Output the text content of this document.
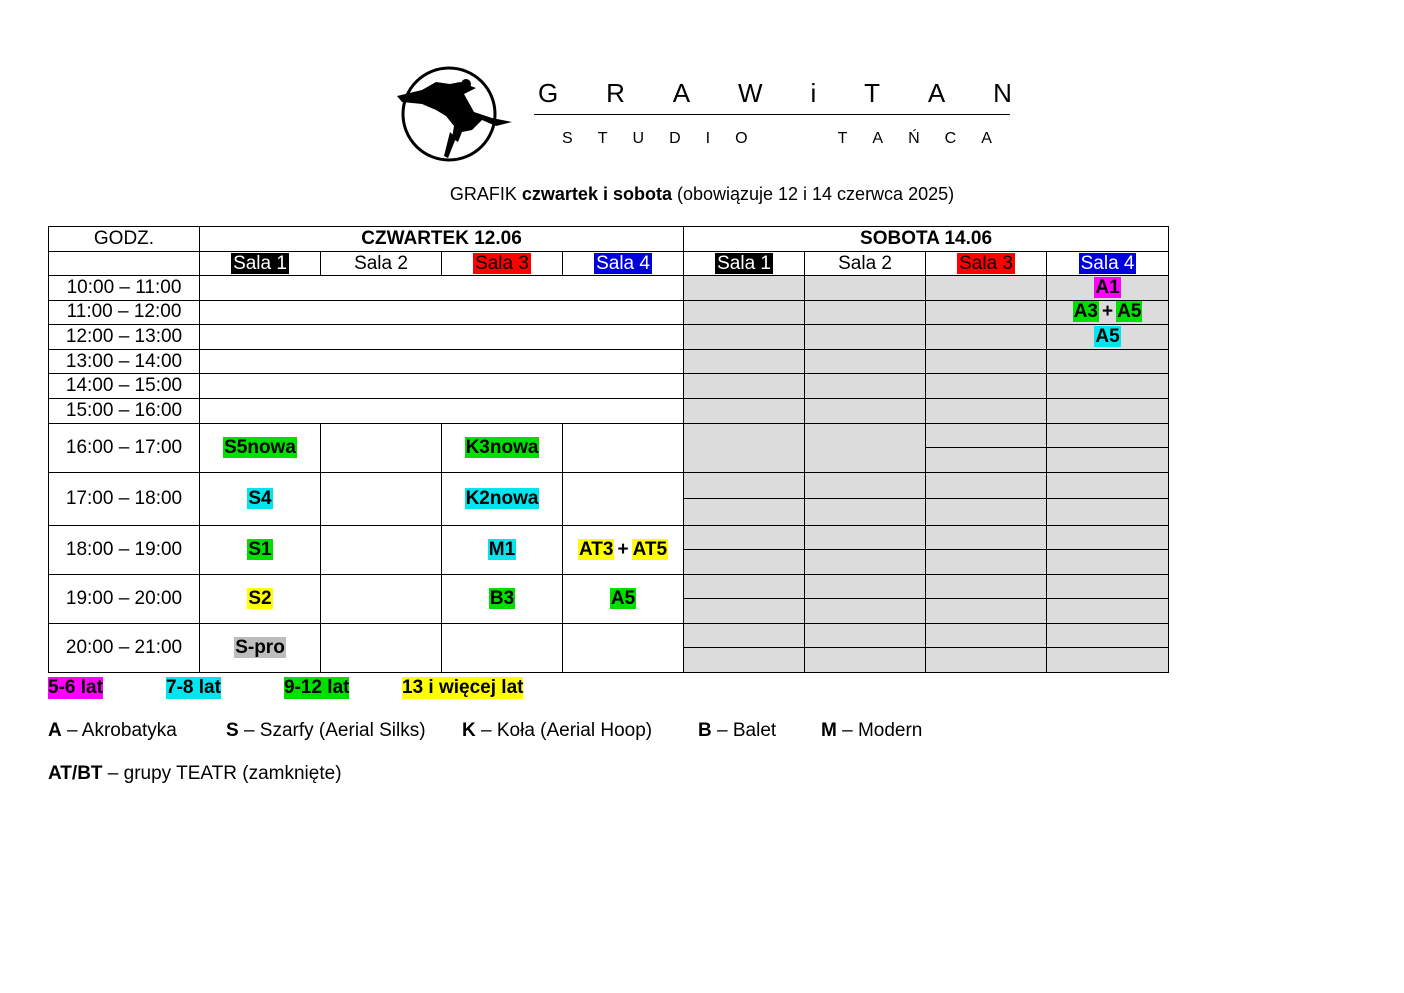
G R A W i T A N
S T U D I O	T A Ń C A
GRAFIK czwartek i sobota (obowiązuje 12 i 14 czerwca 2025)
GODZ.	CZWARTEK 12.06				SOBOTA 14.06			
	Sala 1	Sala 2	Sala 3	Sala 4	Sala 1	Sala 2	Sala 3	Sala 4
10:00 – 11:00								A1
11:00 – 12:00								A3 + A5
12:00 – 13:00								A5
13:00 – 14:00								
14:00 – 15:00								
15:00 – 16:00								
16:00 – 17:00	S5nowa		K3nowa				

17:00 – 18:00	S4		K2nowa		

18:00 – 19:00	S1		M1	AT3 + AT5	

19:00 – 20:00	S2		B3	A5	

20:00 – 21:00	S-pro				

5-6 lat	7-8 lat	9-12 lat	13 i więcej lat
A – Akrobatyka	S – Szarfy (Aerial Silks) K – Koła (Aerial Hoop) B – Balet M – Modern
AT/BT – grupy TEATR (zamknięte)
